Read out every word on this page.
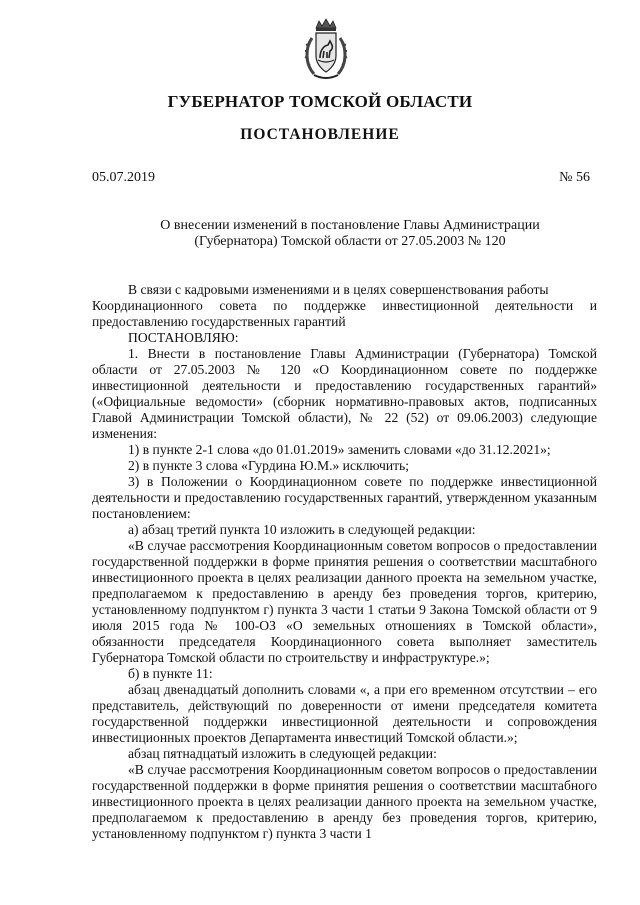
ГУБЕРНАТОР ТОМСКОЙ ОБЛАСТИ
ПОСТАНОВЛЕНИЕ
05.07.2019	№ 56
О внесении изменений в постановление Главы Администрации
(Губернатора) Томской области от 27.05.2003 № 120

В связи с кадровыми изменениями и в целях совершенствования работы

Координационного совета по поддержке инвестиционной деятельности и предоставлению государственных гарантий

ПОСТАНОВЛЯЮ:

1. Внести в постановление Главы Администрации (Губернатора) Томской области от 27.05.2003 № 120 «О Координационном совете по поддержке инвестиционной деятельности и предоставлению государственных гарантий» («Официальные ведомости» (сборник нормативно-правовых актов, подписанных Главой Администрации Томской области), № 22 (52) от 09.06.2003) следующие изменения:

1) в пункте 2-1 слова «до 01.01.2019» заменить словами «до 31.12.2021»;

2) в пункте 3 слова «Гурдина Ю.М.» исключить;

3) в Положении о Координационном совете по поддержке инвестиционной деятельности и предоставлению государственных гарантий, утвержденном указанным постановлением:

а) абзац третий пункта 10 изложить в следующей редакции:

«В случае рассмотрения Координационным советом вопросов о предоставлении государственной поддержки в форме принятия решения о соответствии масштабного инвестиционного проекта в целях реализации данного проекта на земельном участке, предполагаемом к предоставлению в аренду без проведения торгов, критерию, установленному подпунктом г) пункта 3 части 1 статьи 9 Закона Томской области от 9 июля 2015 года № 100-ОЗ «О земельных отношениях в Томской области», обязанности председателя Координационного совета выполняет заместитель Губернатора Томской области по строительству и инфраструктуре.»;

б) в пункте 11:

абзац двенадцатый дополнить словами «, а при его временном отсутствии – его представитель, действующий по доверенности от имени председателя комитета государственной поддержки инвестиционной деятельности и сопровождения инвестиционных проектов Департамента инвестиций Томской области.»;

абзац пятнадцатый изложить в следующей редакции:

«В случае рассмотрения Координационным советом вопросов о предоставлении государственной поддержки в форме принятия решения о соответствии масштабного инвестиционного проекта в целях реализации данного проекта на земельном участке, предполагаемом к предоставлению в аренду без проведения торгов, критерию, установленному подпунктом г) пункта 3 части 1
